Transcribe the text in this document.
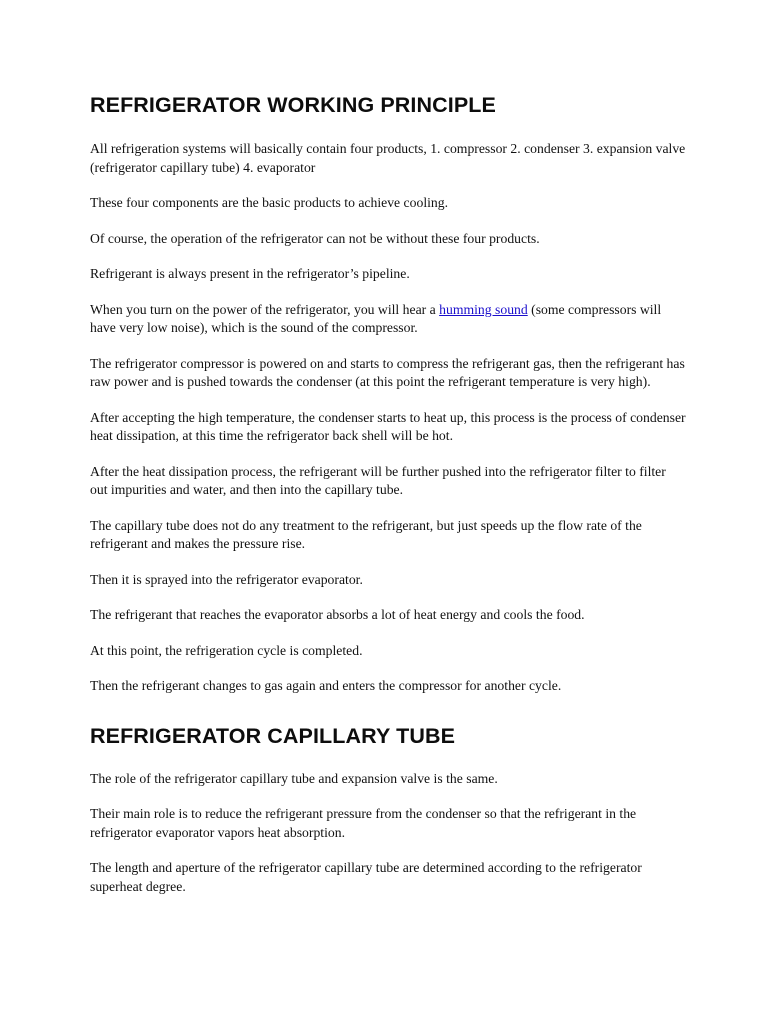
REFRIGERATOR WORKING PRINCIPLE

All refrigeration systems will basically contain four products, 1. compressor 2. condenser 3. expansion valve (refrigerator capillary tube) 4. evaporator

These four components are the basic products to achieve cooling.

Of course, the operation of the refrigerator can not be without these four products.

Refrigerant is always present in the refrigerator’s pipeline.

When you turn on the power of the refrigerator, you will hear a humming sound (some compressors will have very low noise), which is the sound of the compressor.

The refrigerator compressor is powered on and starts to compress the refrigerant gas, then the refrigerant has raw power and is pushed towards the condenser (at this point the refrigerant temperature is very high).

After accepting the high temperature, the condenser starts to heat up, this process is the process of condenser heat dissipation, at this time the refrigerator back shell will be hot.

After the heat dissipation process, the refrigerant will be further pushed into the refrigerator filter to filter out impurities and water, and then into the capillary tube.

The capillary tube does not do any treatment to the refrigerant, but just speeds up the flow rate of the refrigerant and makes the pressure rise.

Then it is sprayed into the refrigerator evaporator.

The refrigerant that reaches the evaporator absorbs a lot of heat energy and cools the food.

At this point, the refrigeration cycle is completed.

Then the refrigerant changes to gas again and enters the compressor for another cycle.

REFRIGERATOR CAPILLARY TUBE

The role of the refrigerator capillary tube and expansion valve is the same.

Their main role is to reduce the refrigerant pressure from the condenser so that the refrigerant in the refrigerator evaporator vapors heat absorption.

The length and aperture of the refrigerator capillary tube are determined according to the refrigerator superheat degree.
